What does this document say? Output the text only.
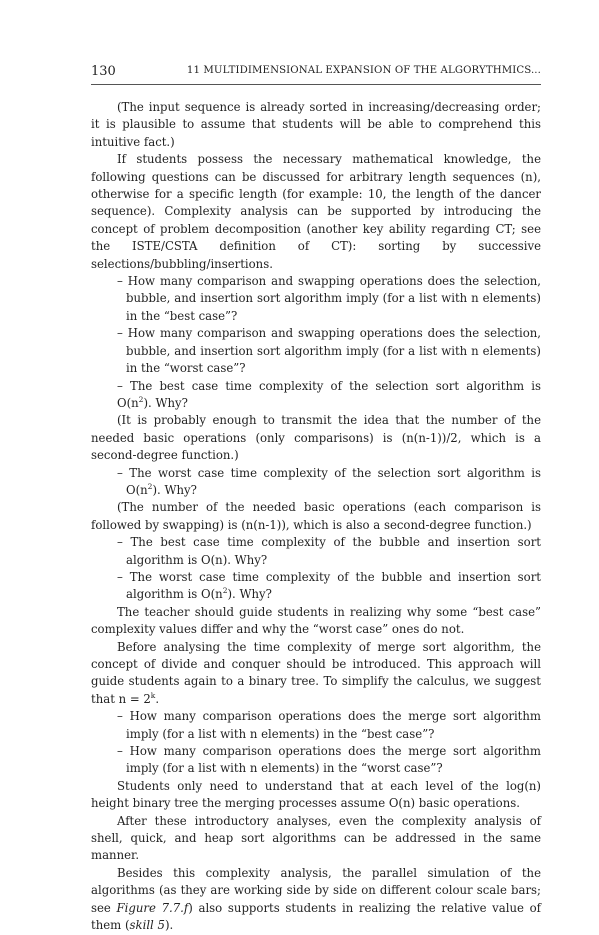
130	11 MULTIDIMENSIONAL EXPANSION OF THE ALGORYTHMICS...

(The input sequence is already sorted in increasing/decreasing order; it is plausible to assume that students will be able to comprehend this intuitive fact.)

If students possess the necessary mathematical knowledge, the following questions can be discussed for arbitrary length sequences (n), otherwise for a specific length (for example: 10, the length of the dancer sequence). Complexity analysis can be supported by introducing the concept of problem decomposition (another key ability regarding CT; see the ISTE/CSTA definition of CT): sorting by successive selections/bubbling/insertions.

– How many comparison and swapping operations does the selection, bubble, and insertion sort algorithm imply (for a list with n elements) in the “best case”?

– How many comparison and swapping operations does the selection, bubble, and insertion sort algorithm imply (for a list with n elements) in the “worst case”?

– The best case time complexity of the selection sort algorithm is $O(n^2)$. Why?

(It is probably enough to transmit the idea that the number of the needed basic operations (only comparisons) is (n(n-1))/2, which is a second-degree function.)

– The worst case time complexity of the selection sort algorithm is $O(n^2)$. Why?

(The number of the needed basic operations (each comparison is followed by swapping) is (n(n-1)), which is also a second-degree function.)

– The best case time complexity of the bubble and insertion sort algorithm is O(n). Why?

– The worst case time complexity of the bubble and insertion sort algorithm is $O(n^2)$. Why?

The teacher should guide students in realizing why some “best case” complexity values differ and why the “worst case” ones do not.

Before analysing the time complexity of merge sort algorithm, the concept of divide and conquer should be introduced. This approach will guide students again to a binary tree. To simplify the calculus, we suggest that $n = 2^k$.

– How many comparison operations does the merge sort algorithm imply (for a list with n elements) in the “best case”?

– How many comparison operations does the merge sort algorithm imply (for a list with n elements) in the “worst case”?

Students only need to understand that at each level of the log(n) height binary tree the merging processes assume O(n) basic operations.

After these introductory analyses, even the complexity analysis of shell, quick, and heap sort algorithms can be addressed in the same manner.

Besides this complexity analysis, the parallel simulation of the algorithms (as they are working side by side on different colour scale bars; see Figure 7.7.f) also supports students in realizing the relative value of them (skill 5).
